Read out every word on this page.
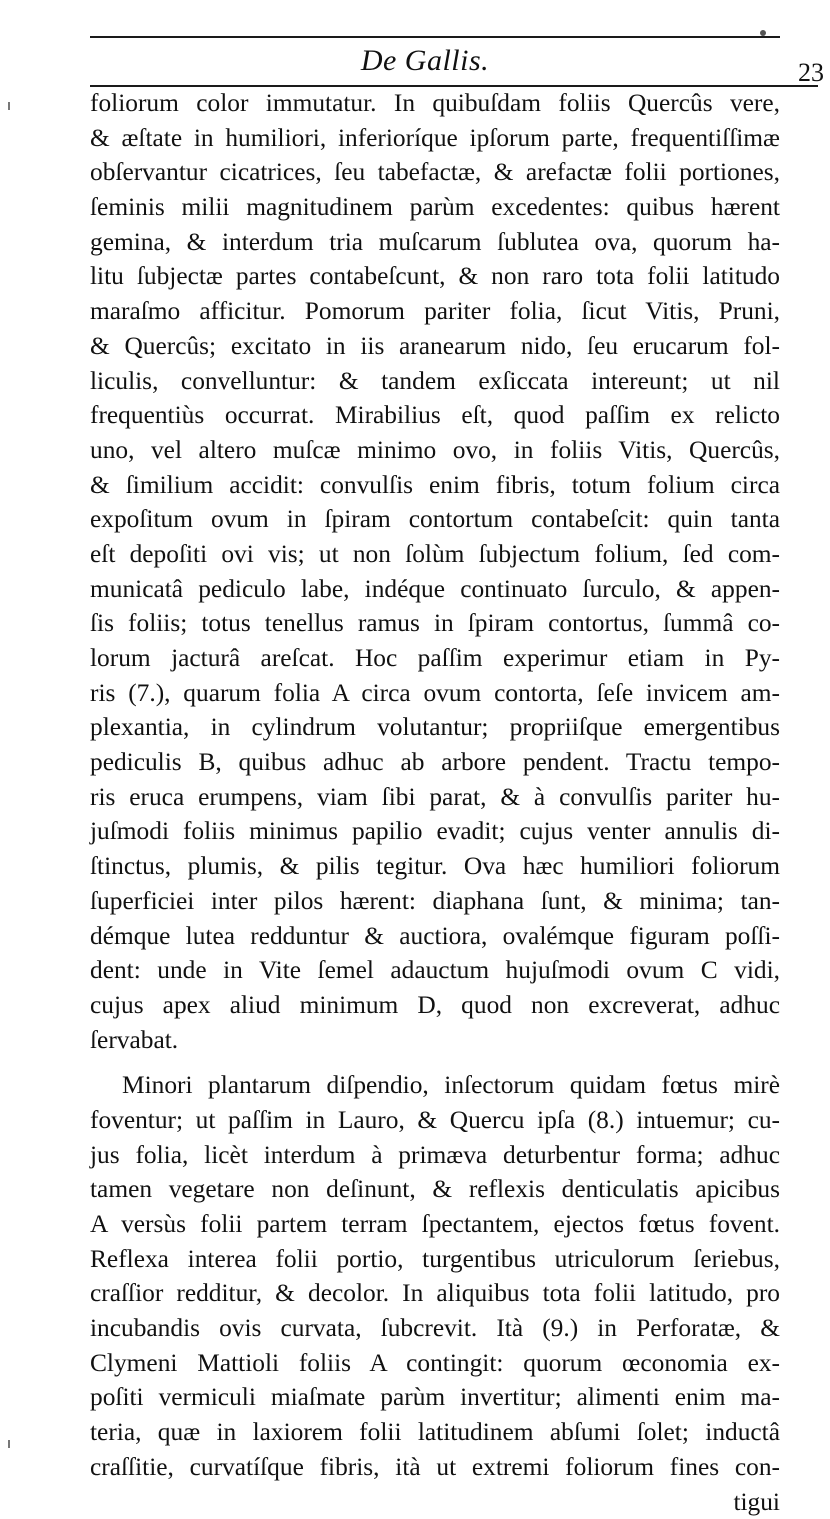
De Gallis.	23
foliorum color immutatur. In quibuſdam foliis Quercûs vere,
& æſtate in humiliori, inferioríque ipſorum parte, frequentiſſimæ
obſervantur cicatrices, ſeu tabefactæ, & arefactæ folii portiones,
ſeminis milii magnitudinem parùm excedentes: quibus hærent
gemina, & interdum tria muſcarum ſublutea ova, quorum ha-
litu ſubjectæ partes contabeſcunt, & non raro tota folii latitudo
maraſmo afficitur. Pomorum pariter folia, ſicut Vitis, Pruni,
& Quercûs; excitato in iis aranearum nido, ſeu erucarum fol-
liculis, convelluntur: & tandem exſiccata intereunt; ut nil
frequentiùs occurrat. Mirabilius eſt, quod paſſim ex relicto
uno, vel altero muſcæ minimo ovo, in foliis Vitis, Quercûs,
& ſimilium accidit: convulſis enim fibris, totum folium circa
expoſitum ovum in ſpiram contortum contabeſcit: quin tanta
eſt depoſiti ovi vis; ut non ſolùm ſubjectum folium, ſed com-
municatâ pediculo labe, indéque continuato ſurculo, & appen-
ſis foliis; totus tenellus ramus in ſpiram contortus, ſummâ co-
lorum jacturâ areſcat. Hoc paſſim experimur etiam in Py-
ris (7.), quarum folia A circa ovum contorta, ſeſe invicem am-
plexantia, in cylindrum volutantur; propriiſque emergentibus
pediculis B, quibus adhuc ab arbore pendent. Tractu tempo-
ris eruca erumpens, viam ſibi parat, & à convulſis pariter hu-
juſmodi foliis minimus papilio evadit; cujus venter annulis di-
ſtinctus, plumis, & pilis tegitur. Ova hæc humiliori foliorum
ſuperficiei inter pilos hærent: diaphana ſunt, & minima; tan-
démque lutea redduntur & auctiora, ovalémque figuram poſſi-
dent: unde in Vite ſemel adauctum hujuſmodi ovum C vidi,
cujus apex aliud minimum D, quod non excreverat, adhuc
ſervabat.
Minori plantarum diſpendio, inſectorum quidam fœtus mirè
foventur; ut paſſim in Lauro, & Quercu ipſa (8.) intuemur; cu-
jus folia, licèt interdum à primæva deturbentur forma; adhuc
tamen vegetare non deſinunt, & reflexis denticulatis apicibus
A versùs folii partem terram ſpectantem, ejectos fœtus fovent.
Reflexa interea folii portio, turgentibus utriculorum ſeriebus,
craſſior redditur, & decolor. In aliquibus tota folii latitudo, pro
incubandis ovis curvata, ſubcrevit. Ità (9.) in Perforatæ, &
Clymeni Mattioli foliis A contingit: quorum œconomia ex-
poſiti vermiculi miaſmate parùm invertitur; alimenti enim ma-
teria, quæ in laxiorem folii latitudinem abſumi ſolet; inductâ
craſſitie, curvatíſque fibris, ità ut extremi foliorum fines con-
tigui
